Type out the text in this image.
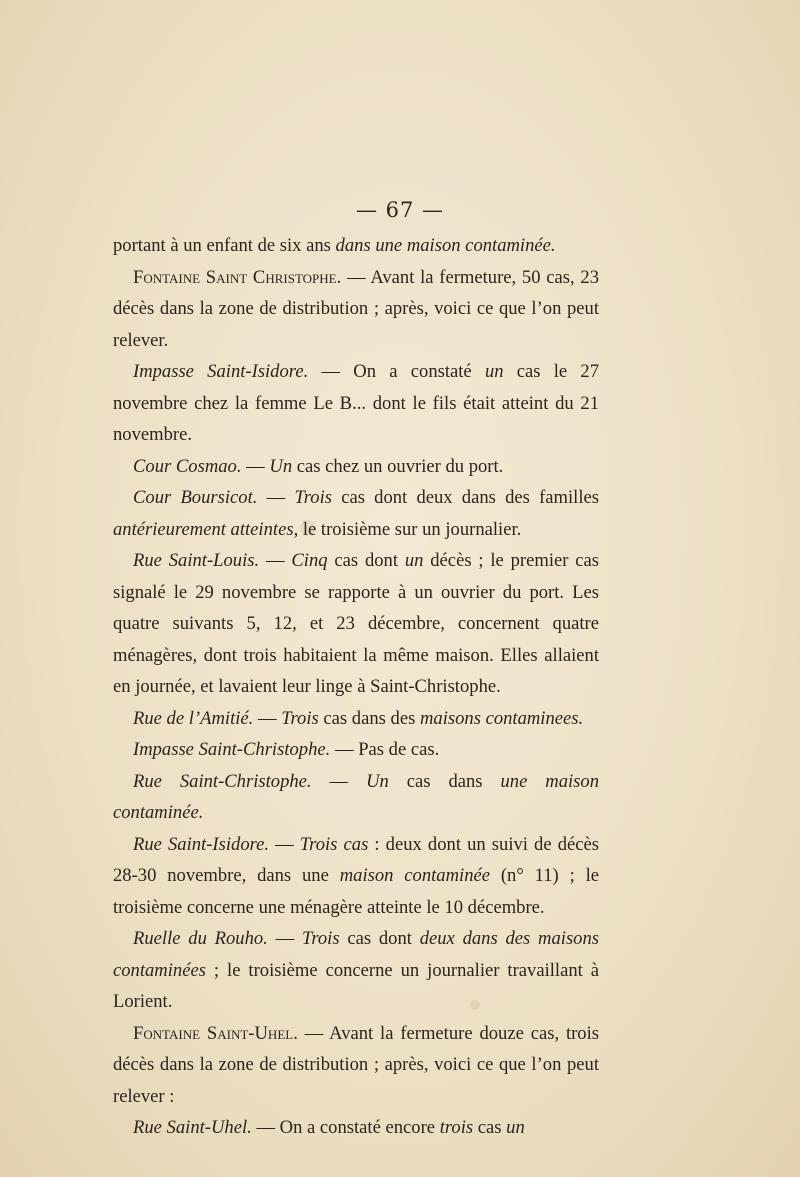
— 67 —

portant à un enfant de six ans dans une maison contaminée.

Fontaine Saint Christophe. — Avant la fermeture, 50 cas, 23 décès dans la zone de distribution ; après, voici ce que l’on peut relever.

Impasse Saint-Isidore. — On a constaté un cas le 27 novembre chez la femme Le B... dont le fils était atteint du 21 novembre.

Cour Cosmao. — Un cas chez un ouvrier du port.

Cour Boursicot. — Trois cas dont deux dans des familles antérieurement atteintes, le troisième sur un journalier.

Rue Saint-Louis. — Cinq cas dont un décès ; le premier cas signalé le 29 novembre se rapporte à un ouvrier du port. Les quatre suivants 5, 12, et 23 décembre, concernent quatre ménagères, dont trois habitaient la même maison. Elles allaient en journée, et lavaient leur linge à Saint-Christophe.

Rue de l’Amitié. — Trois cas dans des maisons contaminees.

Impasse Saint-Christophe. — Pas de cas.

Rue Saint-Christophe. — Un cas dans une maison contaminée.

Rue Saint-Isidore. — Trois cas : deux dont un suivi de décès 28-30 novembre, dans une maison contaminée (n° 11) ; le troisième concerne une ménagère atteinte le 10 décembre.

Ruelle du Rouho. — Trois cas dont deux dans des maisons contaminées ; le troisième concerne un journalier travaillant à Lorient.

Fontaine Saint-Uhel. — Avant la fermeture douze cas, trois décès dans la zone de distribution ; après, voici ce que l’on peut relever :

Rue Saint-Uhel. — On a constaté encore trois cas un
